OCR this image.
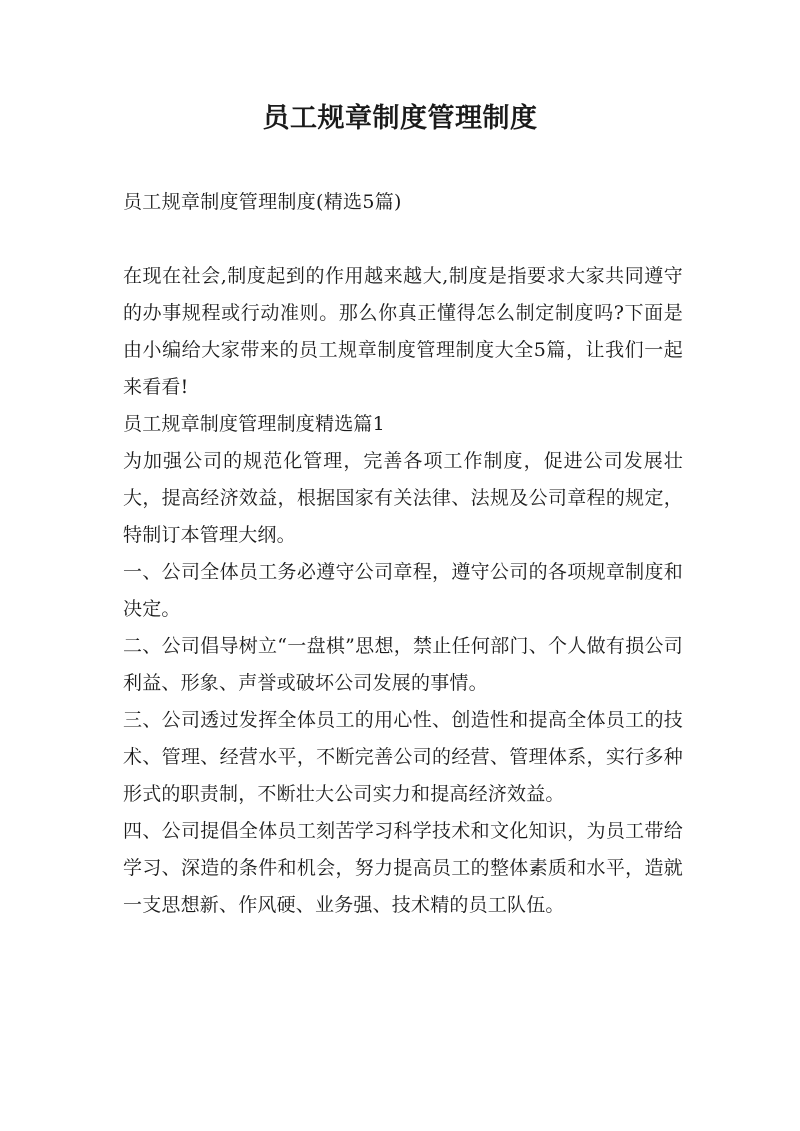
员工规章制度管理制度

员工规章制度管理制度(精选5篇)

在现在社会,制度起到的作用越来越大,制度是指要求大家共同遵守的办事规程或行动准则。那么你真正懂得怎么制定制度吗?下面是由小编给大家带来的员工规章制度管理制度大全5篇，让我们一起来看看!

员工规章制度管理制度精选篇1

为加强公司的规范化管理，完善各项工作制度，促进公司发展壮大，提高经济效益，根据国家有关法律、法规及公司章程的规定，特制订本管理大纲。

一、公司全体员工务必遵守公司章程，遵守公司的各项规章制度和决定。

二、公司倡导树立“一盘棋”思想，禁止任何部门、个人做有损公司利益、形象、声誉或破坏公司发展的事情。

三、公司透过发挥全体员工的用心性、创造性和提高全体员工的技术、管理、经营水平，不断完善公司的经营、管理体系，实行多种形式的职责制，不断壮大公司实力和提高经济效益。

四、公司提倡全体员工刻苦学习科学技术和文化知识，为员工带给学习、深造的条件和机会，努力提高员工的整体素质和水平，造就一支思想新、作风硬、业务强、技术精的员工队伍。
